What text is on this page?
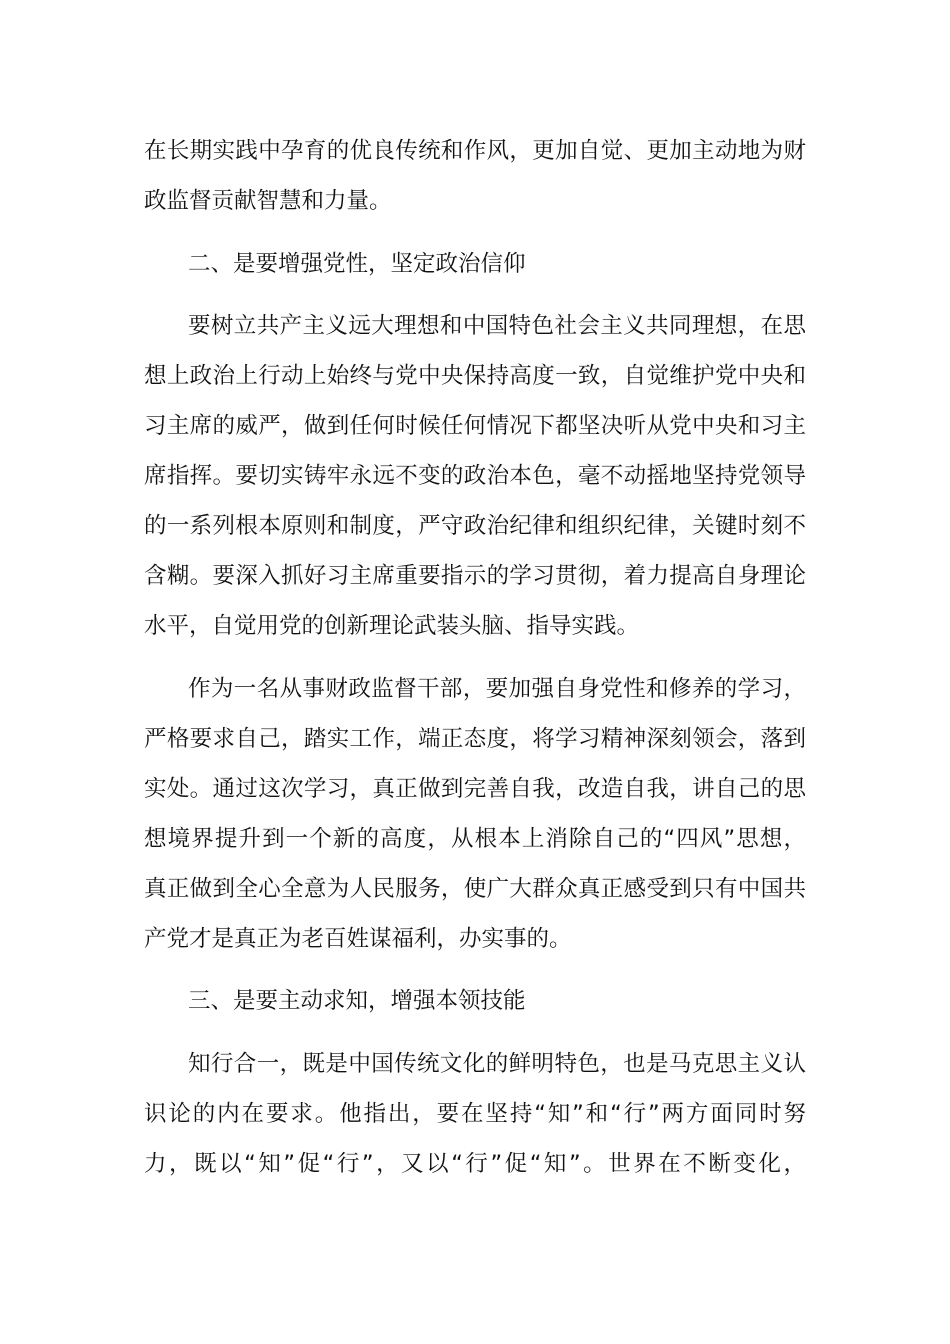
在长期实践中孕育的优良传统和作风，更加自觉、更加主动地为财
政监督贡献智慧和力量。
二、是要增强党性，坚定政治信仰
要树立共产主义远大理想和中国特色社会主义共同理想，在思
想上政治上行动上始终与党中央保持高度一致，自觉维护党中央和
习主席的威严，做到任何时候任何情况下都坚决听从党中央和习主
席指挥。要切实铸牢永远不变的政治本色，毫不动摇地坚持党领导
的一系列根本原则和制度，严守政治纪律和组织纪律，关键时刻不
含糊。要深入抓好习主席重要指示的学习贯彻，着力提高自身理论
水平，自觉用党的创新理论武装头脑、指导实践。
作为一名从事财政监督干部，要加强自身党性和修养的学习，
严格要求自己，踏实工作，端正态度，将学习精神深刻领会，落到
实处。通过这次学习，真正做到完善自我，改造自我，讲自己的思
想境界提升到一个新的高度，从根本上消除自己的“四风”思想，
真正做到全心全意为人民服务，使广大群众真正感受到只有中国共
产党才是真正为老百姓谋福利，办实事的。
三、是要主动求知，增强本领技能
知行合一，既是中国传统文化的鲜明特色，也是马克思主义认
识论的内在要求。他指出，要在坚持“知”和“行”两方面同时努
力，既以“知”促“行”，又以“行”促“知”。世界在不断变化，
